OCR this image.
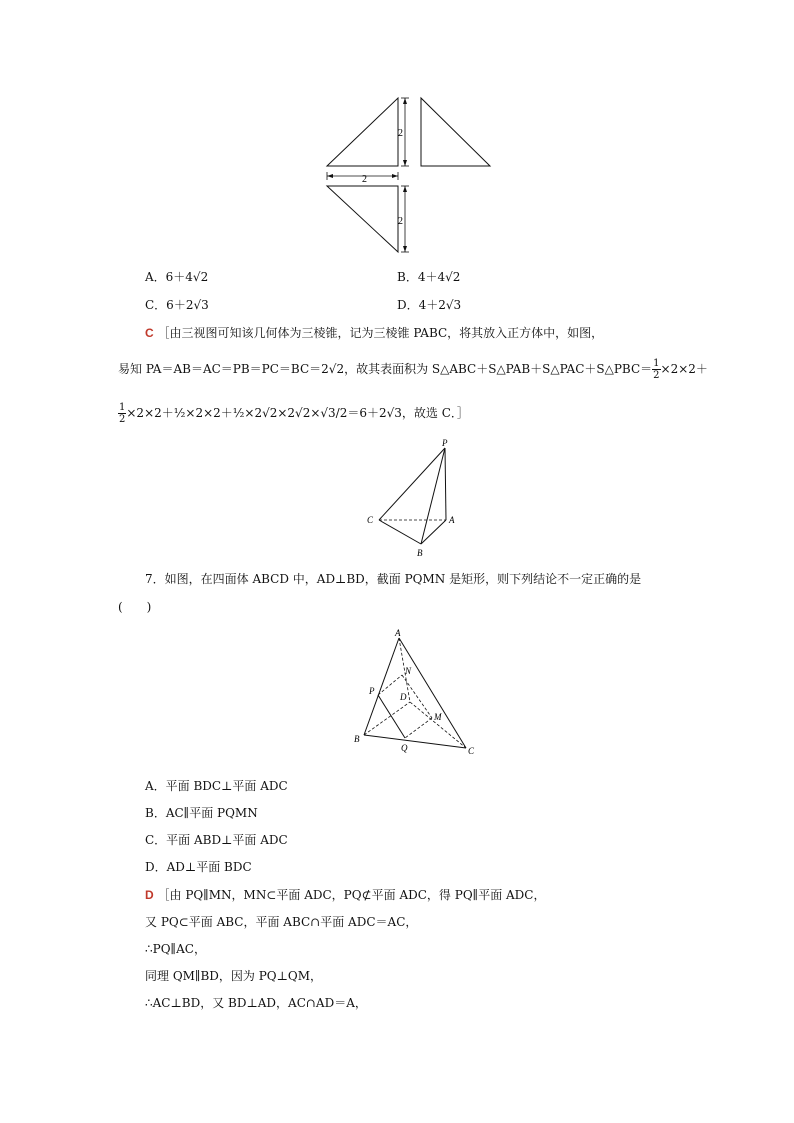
2
2
2
A．6＋4√2	B．4＋4√2
C．6＋2√3	D．4＋2√3
C ［由三视图可知该几何体为三棱锥，记为三棱锥 PABC，将其放入正方体中，如图，
易知 PA＝AB＝AC＝PB＝PC＝BC＝2√2，故其表面积为 S△ABC＋S△PAB＋S△PAC＋S△PBC＝ $\frac{1}{2} \times 2\times 2+$
$\frac{1}{2}$ ×2×2＋½×2×2＋½×2√2×2√2×√3/2＝6＋2√3，故选 C．］
P
A
B
C
7．如图，在四面体 ABCD 中，AD⊥BD，截面 PQMN 是矩形，则下列结论不一定正确的是
(　　)
A
B
C
D
P
Q
M
N
A．平面 BDC⊥平面 ADC
B．AC∥平面 PQMN
C．平面 ABD⊥平面 ADC
D．AD⊥平面 BDC
D ［由 PQ∥MN，MN⊂平面 ADC，PQ⊄平面 ADC，得 PQ∥平面 ADC，
又 PQ⊂平面 ABC，平面 ABC∩平面 ADC＝AC，
∴PQ∥AC，
同理 QM∥BD，因为 PQ⊥QM，
∴AC⊥BD，又 BD⊥AD，AC∩AD＝A，
